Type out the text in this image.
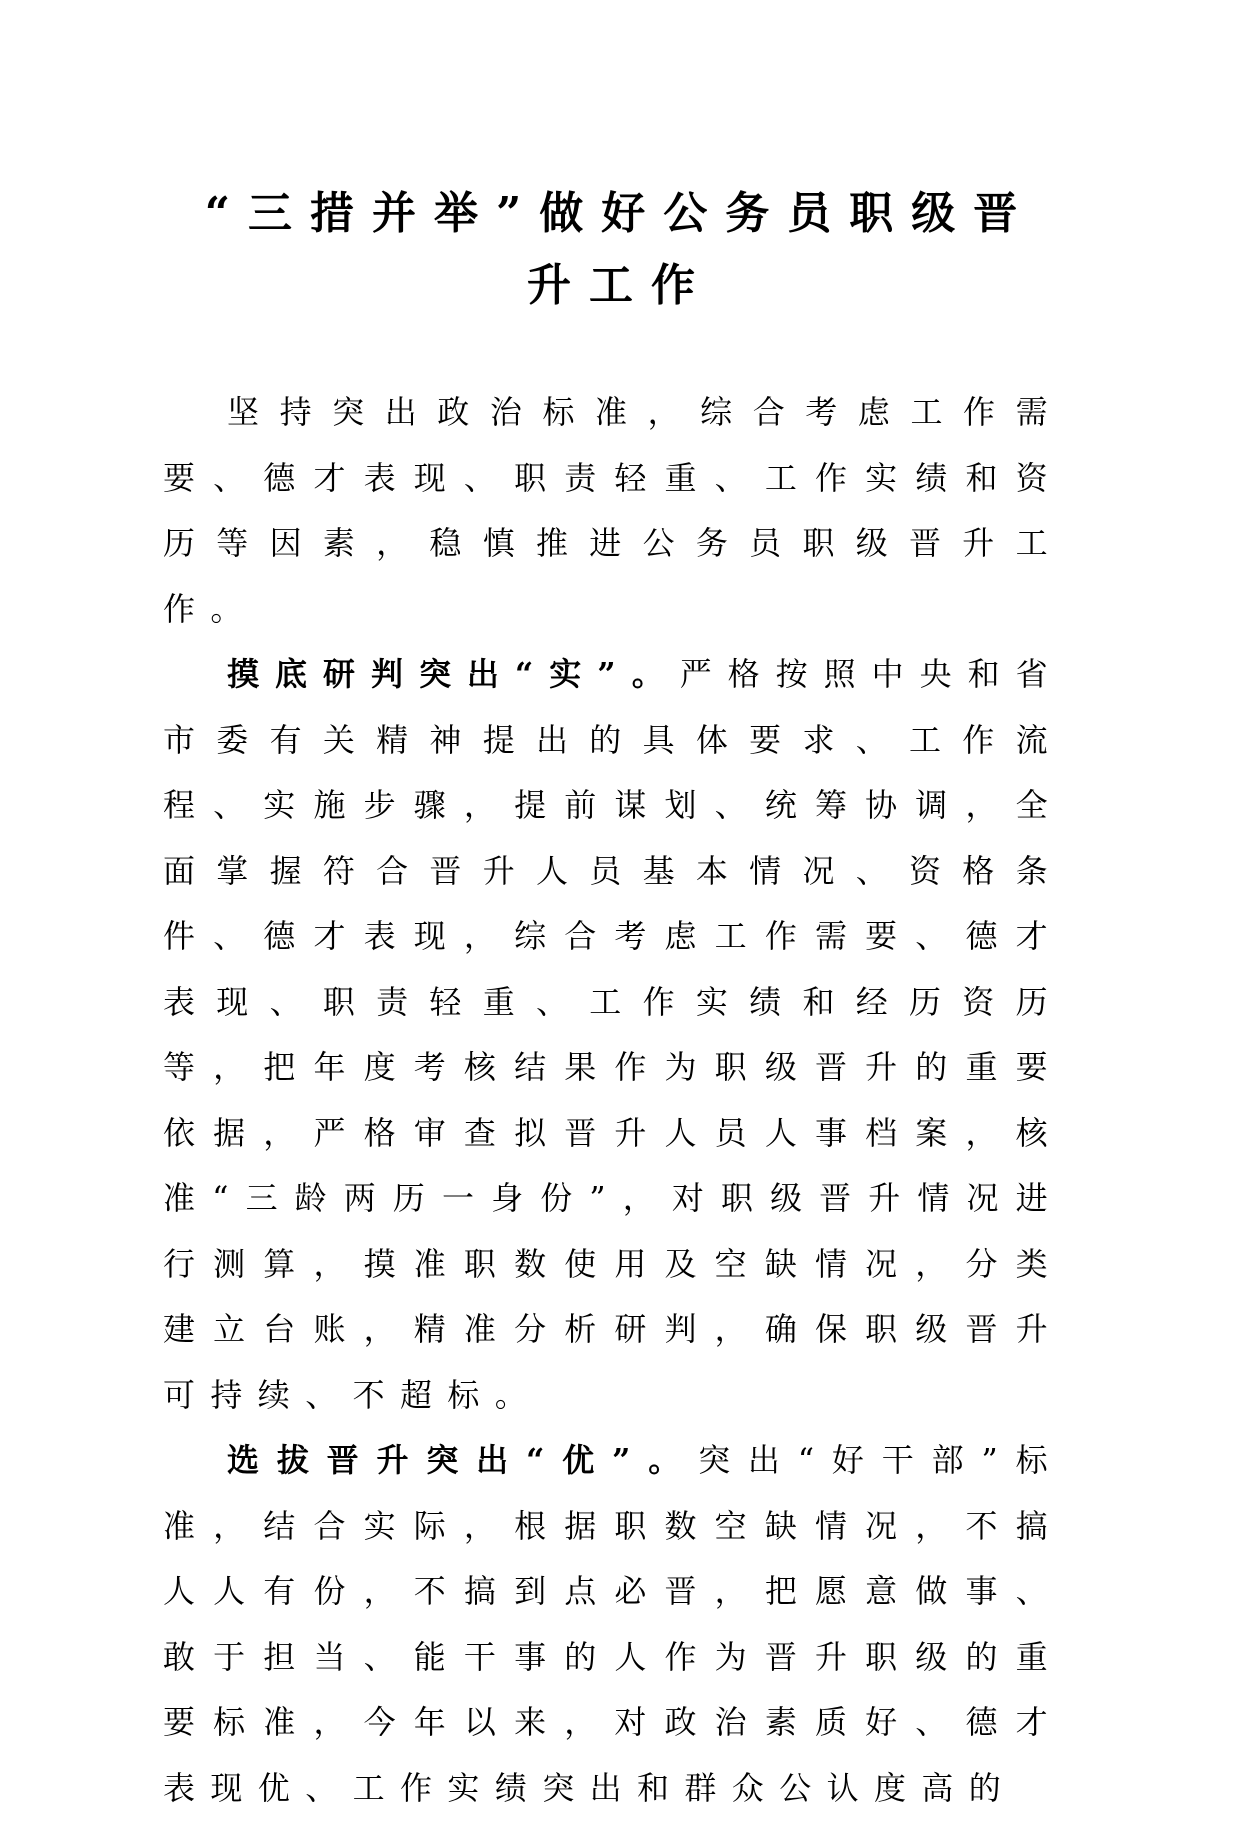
“三措并举”做好公务员职级晋
升工作

坚持突出政治标准，综合考虑工作需要、德才表现、职责轻重、工作实绩和资历等因素，稳慎推进公务员职级晋升工作。

摸底研判突出“实”。严格按照中央和省市委有关精神提出的具体要求、工作流程、实施步骤，提前谋划、统筹协调，全面掌握符合晋升人员基本情况、资格条件、德才表现，综合考虑工作需要、德才表现、职责轻重、工作实绩和经历资历等，把年度考核结果作为职级晋升的重要依据，严格审查拟晋升人员人事档案，核准“三龄两历一身份”，对职级晋升情况进行测算，摸准职数使用及空缺情况，分类建立台账，精准分析研判，确保职级晋升可持续、不超标。

选拔晋升突出“优”。突出“好干部”标准，结合实际，根据职数空缺情况，不搞人人有份，不搞到点必晋，把愿意做事、敢于担当、能干事的人作为晋升职级的重要标准，今年以来，对政治素质好、德才表现优、工作实绩突出和群众公认度高的
